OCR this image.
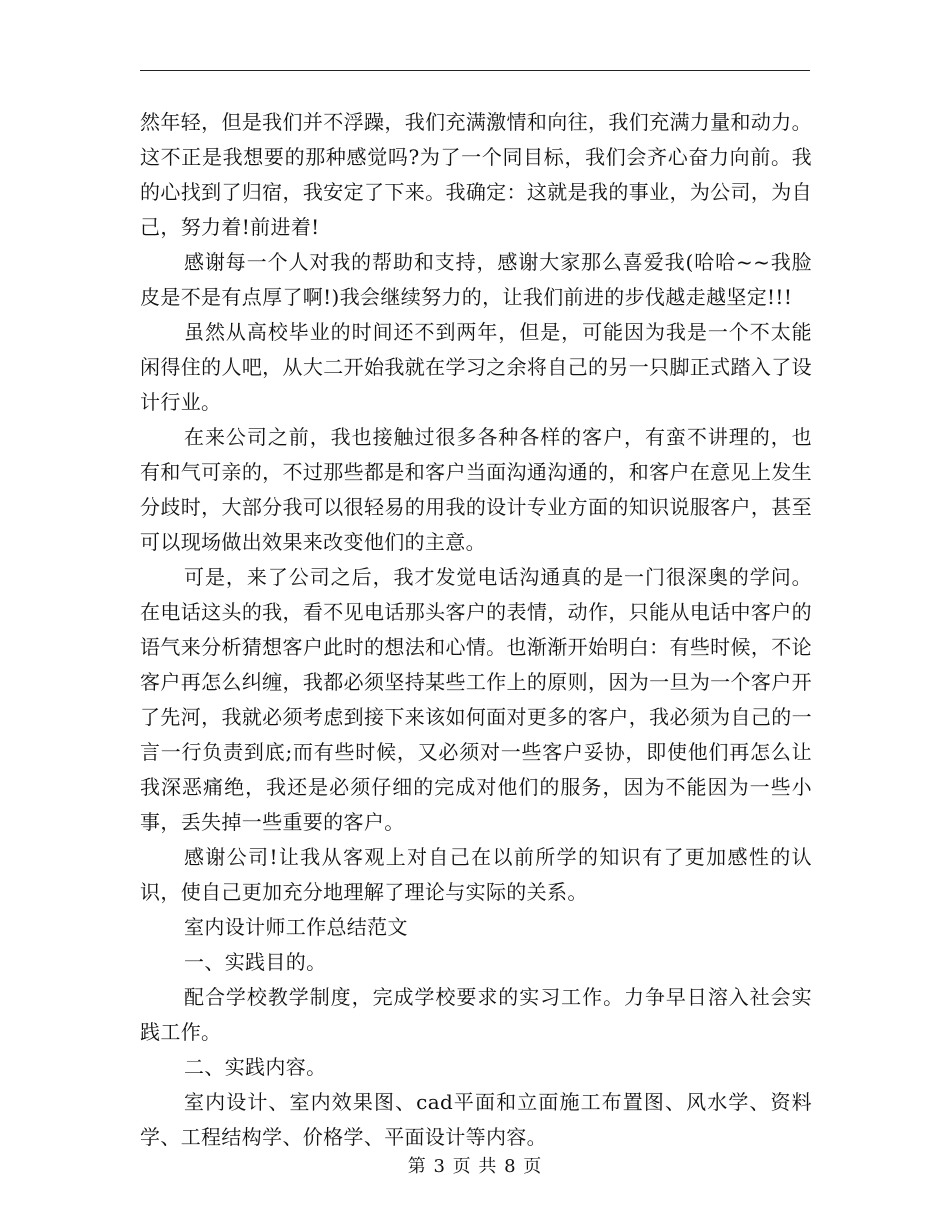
然年轻，但是我们并不浮躁，我们充满激情和向往，我们充满力量和动力。这不正是我想要的那种感觉吗?为了一个同目标，我们会齐心奋力向前。我的心找到了归宿，我安定了下来。我确定：这就是我的事业，为公司，为自己，努力着!前进着!

感谢每一个人对我的帮助和支持，感谢大家那么喜爱我(哈哈~~我脸皮是不是有点厚了啊!)我会继续努力的，让我们前进的步伐越走越坚定!!!

虽然从高校毕业的时间还不到两年，但是，可能因为我是一个不太能闲得住的人吧，从大二开始我就在学习之余将自己的另一只脚正式踏入了设计行业。

在来公司之前，我也接触过很多各种各样的客户，有蛮不讲理的，也有和气可亲的，不过那些都是和客户当面沟通沟通的，和客户在意见上发生分歧时，大部分我可以很轻易的用我的设计专业方面的知识说服客户，甚至可以现场做出效果来改变他们的主意。

可是，来了公司之后，我才发觉电话沟通真的是一门很深奥的学问。在电话这头的我，看不见电话那头客户的表情，动作，只能从电话中客户的语气来分析猜想客户此时的想法和心情。也渐渐开始明白：有些时候，不论客户再怎么纠缠，我都必须坚持某些工作上的原则，因为一旦为一个客户开了先河，我就必须考虑到接下来该如何面对更多的客户，我必须为自己的一言一行负责到底;而有些时候，又必须对一些客户妥协，即使他们再怎么让我深恶痛绝，我还是必须仔细的完成对他们的服务，因为不能因为一些小事，丢失掉一些重要的客户。

感谢公司!让我从客观上对自己在以前所学的知识有了更加感性的认识，使自己更加充分地理解了理论与实际的关系。

室内设计师工作总结范文

一、实践目的。

配合学校教学制度，完成学校要求的实习工作。力争早日溶入社会实践工作。

二、实践内容。

室内设计、室内效果图、cad平面和立面施工布置图、风水学、资料学、工程结构学、价格学、平面设计等内容。

第 3 页 共 8 页
